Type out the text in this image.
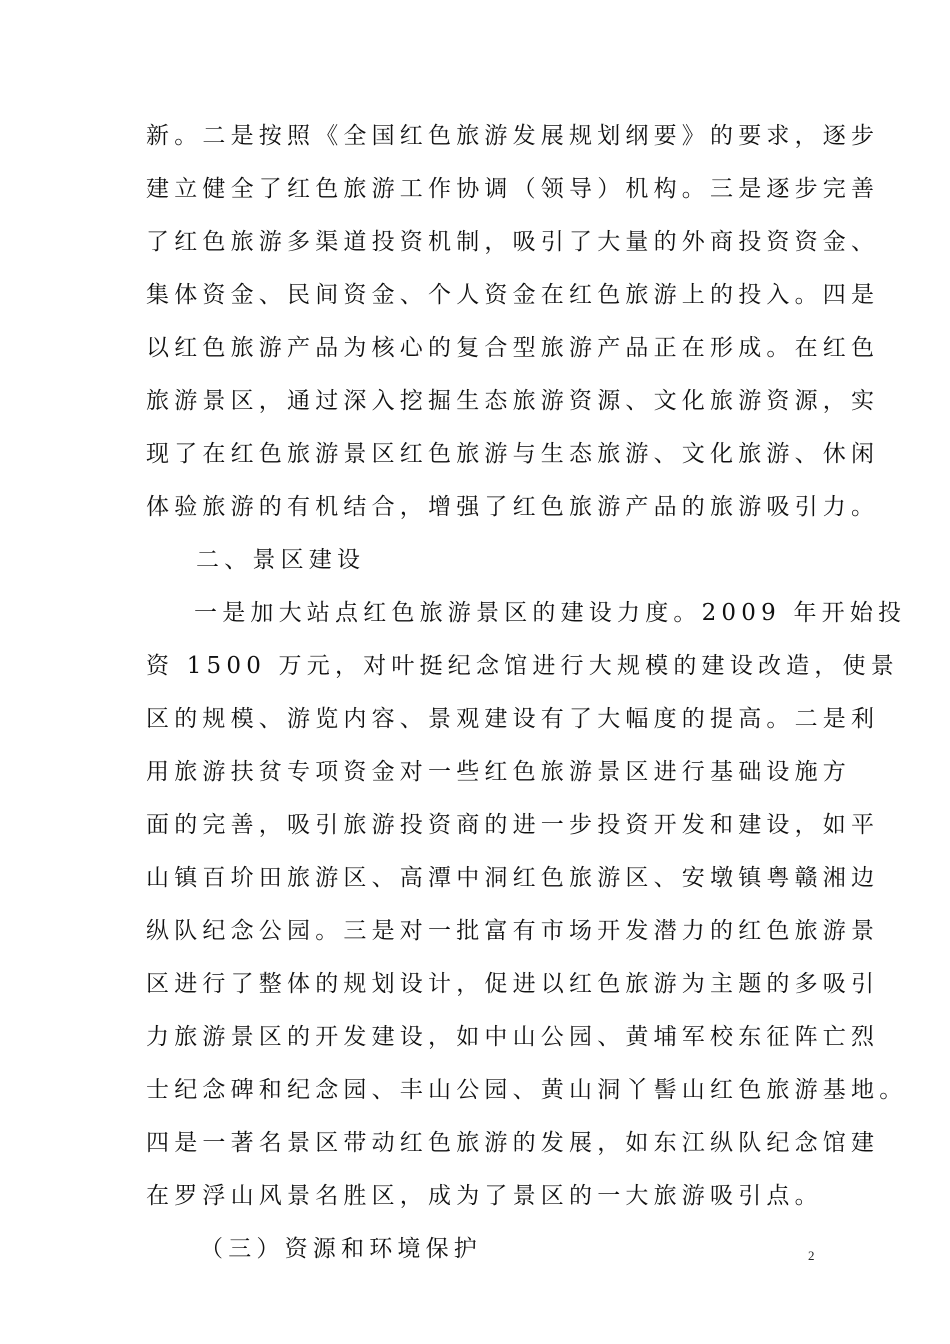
新。二是按照《全国红色旅游发展规划纲要》的要求，逐步
建立健全了红色旅游工作协调（领导）机构。三是逐步完善
了红色旅游多渠道投资机制，吸引了大量的外商投资资金、
集体资金、民间资金、个人资金在红色旅游上的投入。四是
以红色旅游产品为核心的复合型旅游产品正在形成。在红色
旅游景区，通过深入挖掘生态旅游资源、文化旅游资源，实
现了在红色旅游景区红色旅游与生态旅游、文化旅游、休闲
体验旅游的有机结合，增强了红色旅游产品的旅游吸引力。
二、景区建设
一是加大站点红色旅游景区的建设力度。2009 年开始投
资 1500 万元，对叶挺纪念馆进行大规模的建设改造，使景
区的规模、游览内容、景观建设有了大幅度的提高。二是利
用旅游扶贫专项资金对一些红色旅游景区进行基础设施方
面的完善，吸引旅游投资商的进一步投资开发和建设，如平
山镇百圿田旅游区、高潭中洞红色旅游区、安墩镇粤赣湘边
纵队纪念公园。三是对一批富有市场开发潜力的红色旅游景
区进行了整体的规划设计，促进以红色旅游为主题的多吸引
力旅游景区的开发建设，如中山公园、黄埔军校东征阵亡烈
士纪念碑和纪念园、丰山公园、黄山洞丫髻山红色旅游基地。
四是一著名景区带动红色旅游的发展，如东江纵队纪念馆建
在罗浮山风景名胜区，成为了景区的一大旅游吸引点。
（三）资源和环境保护	2
